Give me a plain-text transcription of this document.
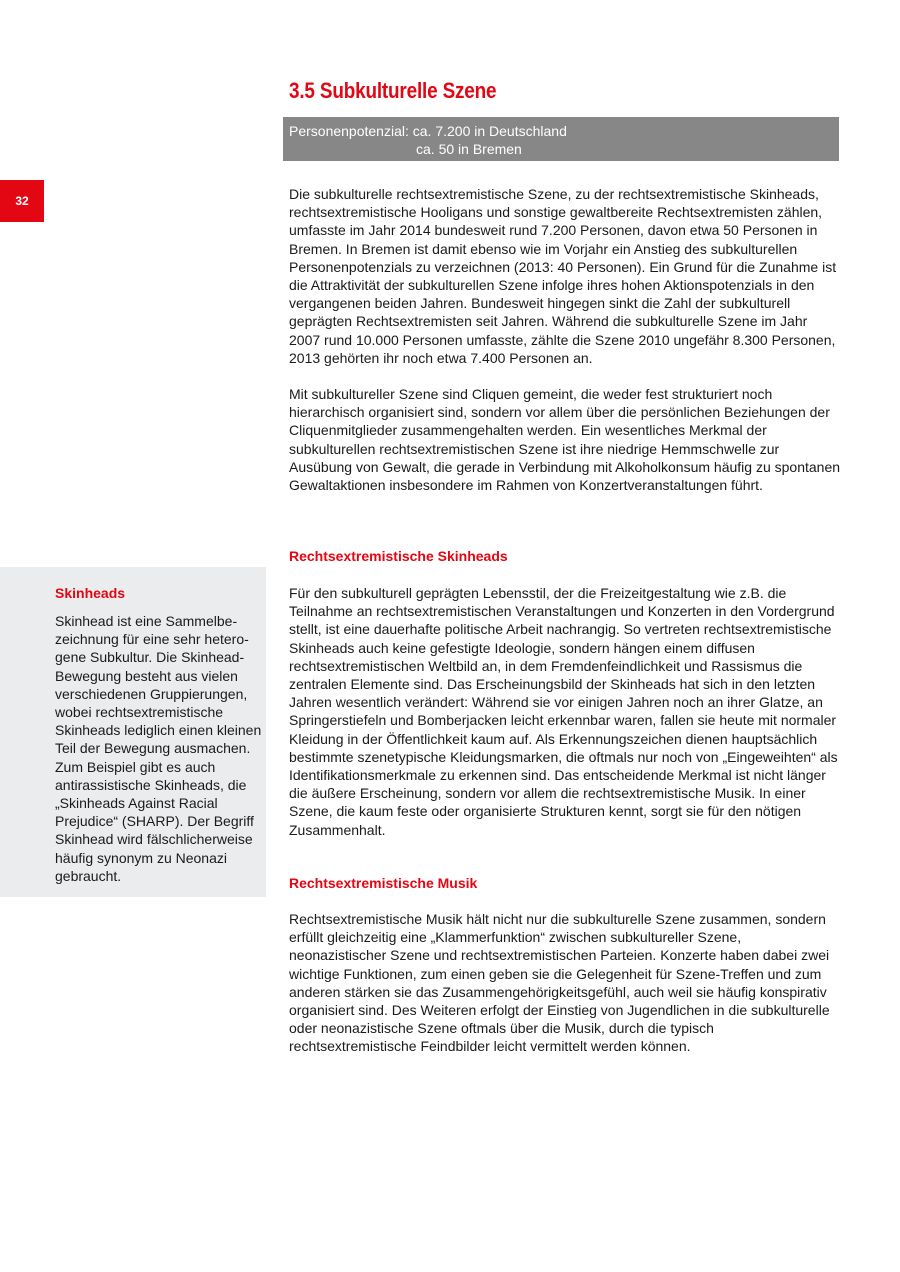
32
3.5 Subkulturelle Szene
Personenpotenzial: ca. 7.200 in Deutschland
ca. 50 in Bremen

Die subkulturelle rechtsextremistische Szene, zu der rechtsextremistische Skinheads, rechtsextremistische Hooligans und sonstige gewaltbereite Rechtsextremisten zählen, umfasste im Jahr 2014 bundesweit rund 7.200 Personen, davon etwa 50 Personen in Bremen. In Bremen ist damit ebenso wie im Vorjahr ein Anstieg des subkulturellen Personenpotenzials zu verzeichnen (2013: 40 Personen). Ein Grund für die Zunahme ist die Attraktivität der subkulturellen Szene infolge ihres hohen Aktionspotenzials in den vergangenen beiden Jahren. Bundesweit hingegen sinkt die Zahl der subkulturell geprägten Rechtsextremisten seit Jahren. Während die subkulturelle Szene im Jahr 2007 rund 10.000 Personen umfasste, zählte die Szene 2010 ungefähr 8.300 Personen, 2013 gehörten ihr noch etwa 7.400 Personen an.

Mit subkultureller Szene sind Cliquen gemeint, die weder fest strukturiert noch hierarchisch organisiert sind, sondern vor allem über die persönlichen Beziehungen der Cliquenmitglieder zusammengehalten werden. Ein wesentliches Merkmal der subkulturellen rechtsextremistischen Szene ist ihre niedrige Hemmschwelle zur Ausübung von Gewalt, die gerade in Verbindung mit Alkoholkonsum häufig zu spontanen Gewaltaktionen insbesondere im Rahmen von Konzertveranstaltungen führt.

Rechtsextremistische Skinheads

Für den subkulturell geprägten Lebensstil, der die Freizeitgestaltung wie z.B. die Teilnahme an rechtsextremistischen Veranstaltungen und Konzerten in den Vordergrund stellt, ist eine dauerhafte politische Arbeit nachrangig. So vertreten rechtsextremistische Skinheads auch keine gefestigte Ideologie, sondern hängen einem diffusen rechtsextremistischen Weltbild an, in dem Fremdenfeindlichkeit und Rassismus die zentralen Elemente sind. Das Erscheinungsbild der Skinheads hat sich in den letzten Jahren wesentlich verändert: Während sie vor einigen Jahren noch an ihrer Glatze, an Springerstiefeln und Bomberjacken leicht erkennbar waren, fallen sie heute mit normaler Kleidung in der Öffentlichkeit kaum auf. Als Erkennungszeichen dienen hauptsächlich bestimmte szenetypische Kleidungsmarken, die oftmals nur noch von „Eingeweihten“ als Identifikationsmerkmale zu erkennen sind. Das entscheidende Merkmal ist nicht länger die äußere Erscheinung, sondern vor allem die rechtsextremistische Musik. In einer Szene, die kaum feste oder organisierte Strukturen kennt, sorgt sie für den nötigen Zusammenhalt.

Rechtsextremistische Musik

Rechtsextremistische Musik hält nicht nur die subkulturelle Szene zusammen, sondern erfüllt gleichzeitig eine „Klammerfunktion“ zwischen subkultureller Szene, neonazistischer Szene und rechtsextremistischen Parteien. Konzerte haben dabei zwei wichtige Funktionen, zum einen geben sie die Gelegenheit für Szene-Treffen und zum anderen stärken sie das Zusammengehörigkeitsgefühl, auch weil sie häufig konspirativ organisiert sind. Des Weiteren erfolgt der Einstieg von Jugendlichen in die subkulturelle oder neonazistische Szene oftmals über die Musik, durch die typisch rechtsextremistische Feindbilder leicht vermittelt werden können.

Skinheads

Skinhead ist eine Sammelbezeichnung für eine sehr heterogene Subkultur. Die Skinhead-Bewegung besteht aus vielen verschiedenen Gruppierungen, wobei rechtsextremistische Skinheads lediglich einen kleinen Teil der Bewegung ausmachen. Zum Beispiel gibt es auch antirassistische Skinheads, die „Skinheads Against Racial Prejudice“ (SHARP). Der Begriff Skinhead wird fälschlicherweise häufig synonym zu Neonazi gebraucht.
